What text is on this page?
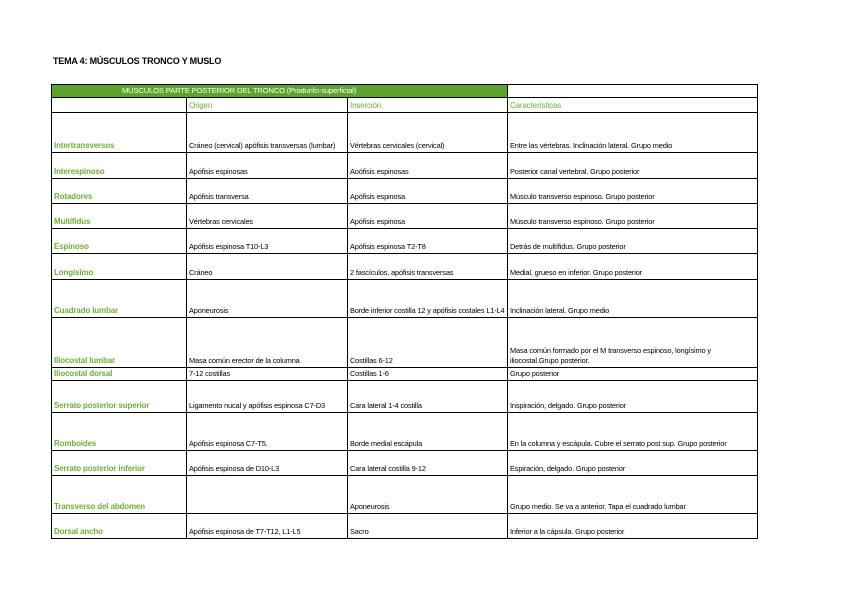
TEMA 4: MÚSCULOS TRONCO Y MUSLO
MÚSCULOS PARTE POSTERIOR DEL TRONCO (Produnfo-superficial)			
	Origen	Inserción	Características
Intertransversos	Cráneo (cervical) apófisis transversas (lumbar)	Vértebras cervicales (cervical)	Entre las vértebras. Inclinación lateral. Grupo medio
Interespinoso	Apófisis espinosas	Aoófisis espinosas	Posterior canal vertebral. Grupo posterior
Rotadores	Apófisis transversa	Apófisis espinosa	Músculo transverso espinoso. Grupo posterior
Multífidus	Vértebras cervicales	Apófisis espinosa	Músculo transverso espinoso. Grupo posterior
Espinoso	Apófisis espinosa T10-L3	Apófisis espinosa T2-T8	Detrás de multífidus. Grupo posterior
Longísimo	Cráneo	2 fascículos, apófisis transversas	Medial, grueso en inferior. Grupo posterior
Cuadrado lumbar	Aponeurosis	Borde inferior costilla 12 y apófisis costales L1-L4	Inclinación lateral. Grupo medio
Iliocostal lumbar	Masa común erector de la columna	Costillas 6-12	Masa común formado por el M transverso espinoso, longísimo y iliocostal.Grupo posterior.
Iliocostal dorsal	7-12 costillas	Costillas 1-6	Grupo posterior
Serrato posterior superior	Ligamento nucal y apófisis espinosa C7-D3	Cara lateral 1-4 costilla	Inspiración, delgado. Grupo posterior
Romboides	Apófisis espinosa C7-T5.	Borde medial escápula	En la columna y escápula. Cubre el serrato post sup. Grupo posterior
Serrato posterior inferior	Apófisis espinosa de D10-L3	Cara lateral costilla 9-12	Espiración, delgado. Grupo posterior
Transverso del abdomen		Aponeurosis	Grupo medio. Se va a anterior. Tapa el cuadrado lumbar
Dorsal ancho	Apófisis espinosa de T7-T12, L1-L5	Sacro	Inferior a la cápsula. Grupo posterior
